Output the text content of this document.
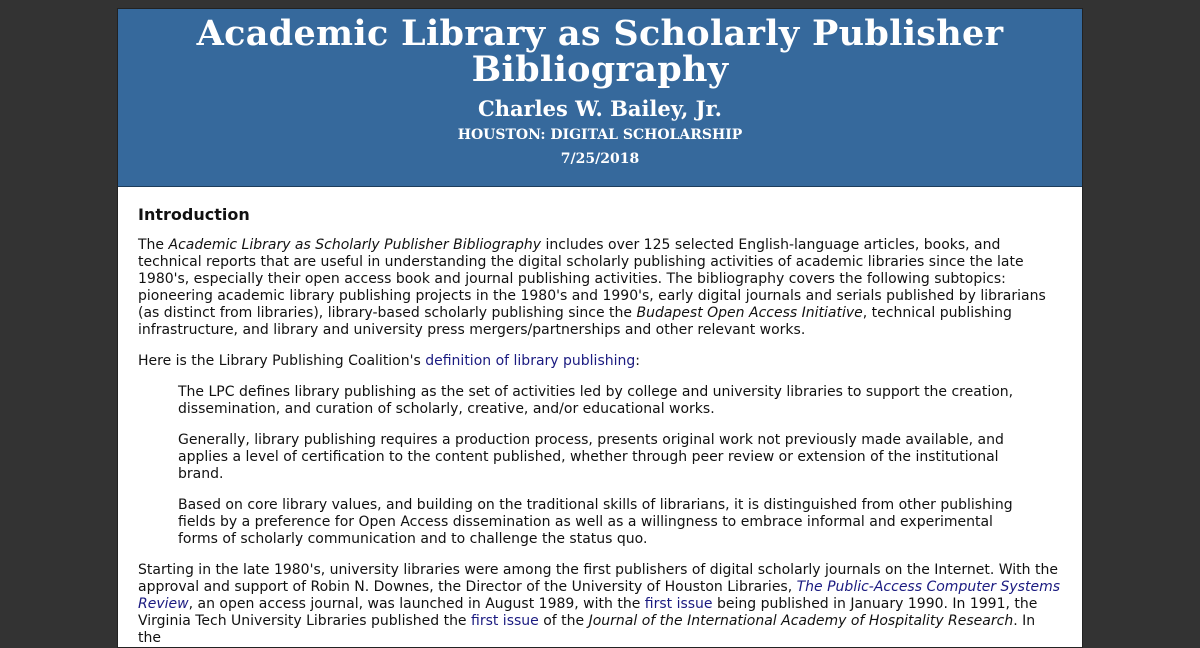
Academic Library as Scholarly Publisher Bibliography
Charles W. Bailey, Jr.
HOUSTON: DIGITAL SCHOLARSHIP
7/25/2018
Introduction

The Academic Library as Scholarly Publisher Bibliography includes over 125 selected English-language articles, books, and technical reports that are useful in understanding the digital scholarly publishing activities of academic libraries since the late 1980's, especially their open access book and journal publishing activities. The bibliography covers the following subtopics: pioneering academic library publishing projects in the 1980's and 1990's, early digital journals and serials published by librarians (as distinct from libraries), library-based scholarly publishing since the Budapest Open Access Initiative, technical publishing infrastructure, and library and university press mergers/partnerships and other relevant works.

Here is the Library Publishing Coalition's definition of library publishing:

The LPC defines library publishing as the set of activities led by college and university libraries to support the creation, dissemination, and curation of scholarly, creative, and/or educational works.

Generally, library publishing requires a production process, presents original work not previously made available, and applies a level of certification to the content published, whether through peer review or extension of the institutional brand.

Based on core library values, and building on the traditional skills of librarians, it is distinguished from other publishing fields by a preference for Open Access dissemination as well as a willingness to embrace informal and experimental forms of scholarly communication and to challenge the status quo.

Starting in the late 1980's, university libraries were among the first publishers of digital scholarly journals on the Internet. With the approval and support of Robin N. Downes, the Director of the University of Houston Libraries, The Public-Access Computer Systems Review, an open access journal, was launched in August 1989, with the first issue being published in January 1990. In 1991, the Virginia Tech University Libraries published the first issue of the Journal of the International Academy of Hospitality Research. In the
